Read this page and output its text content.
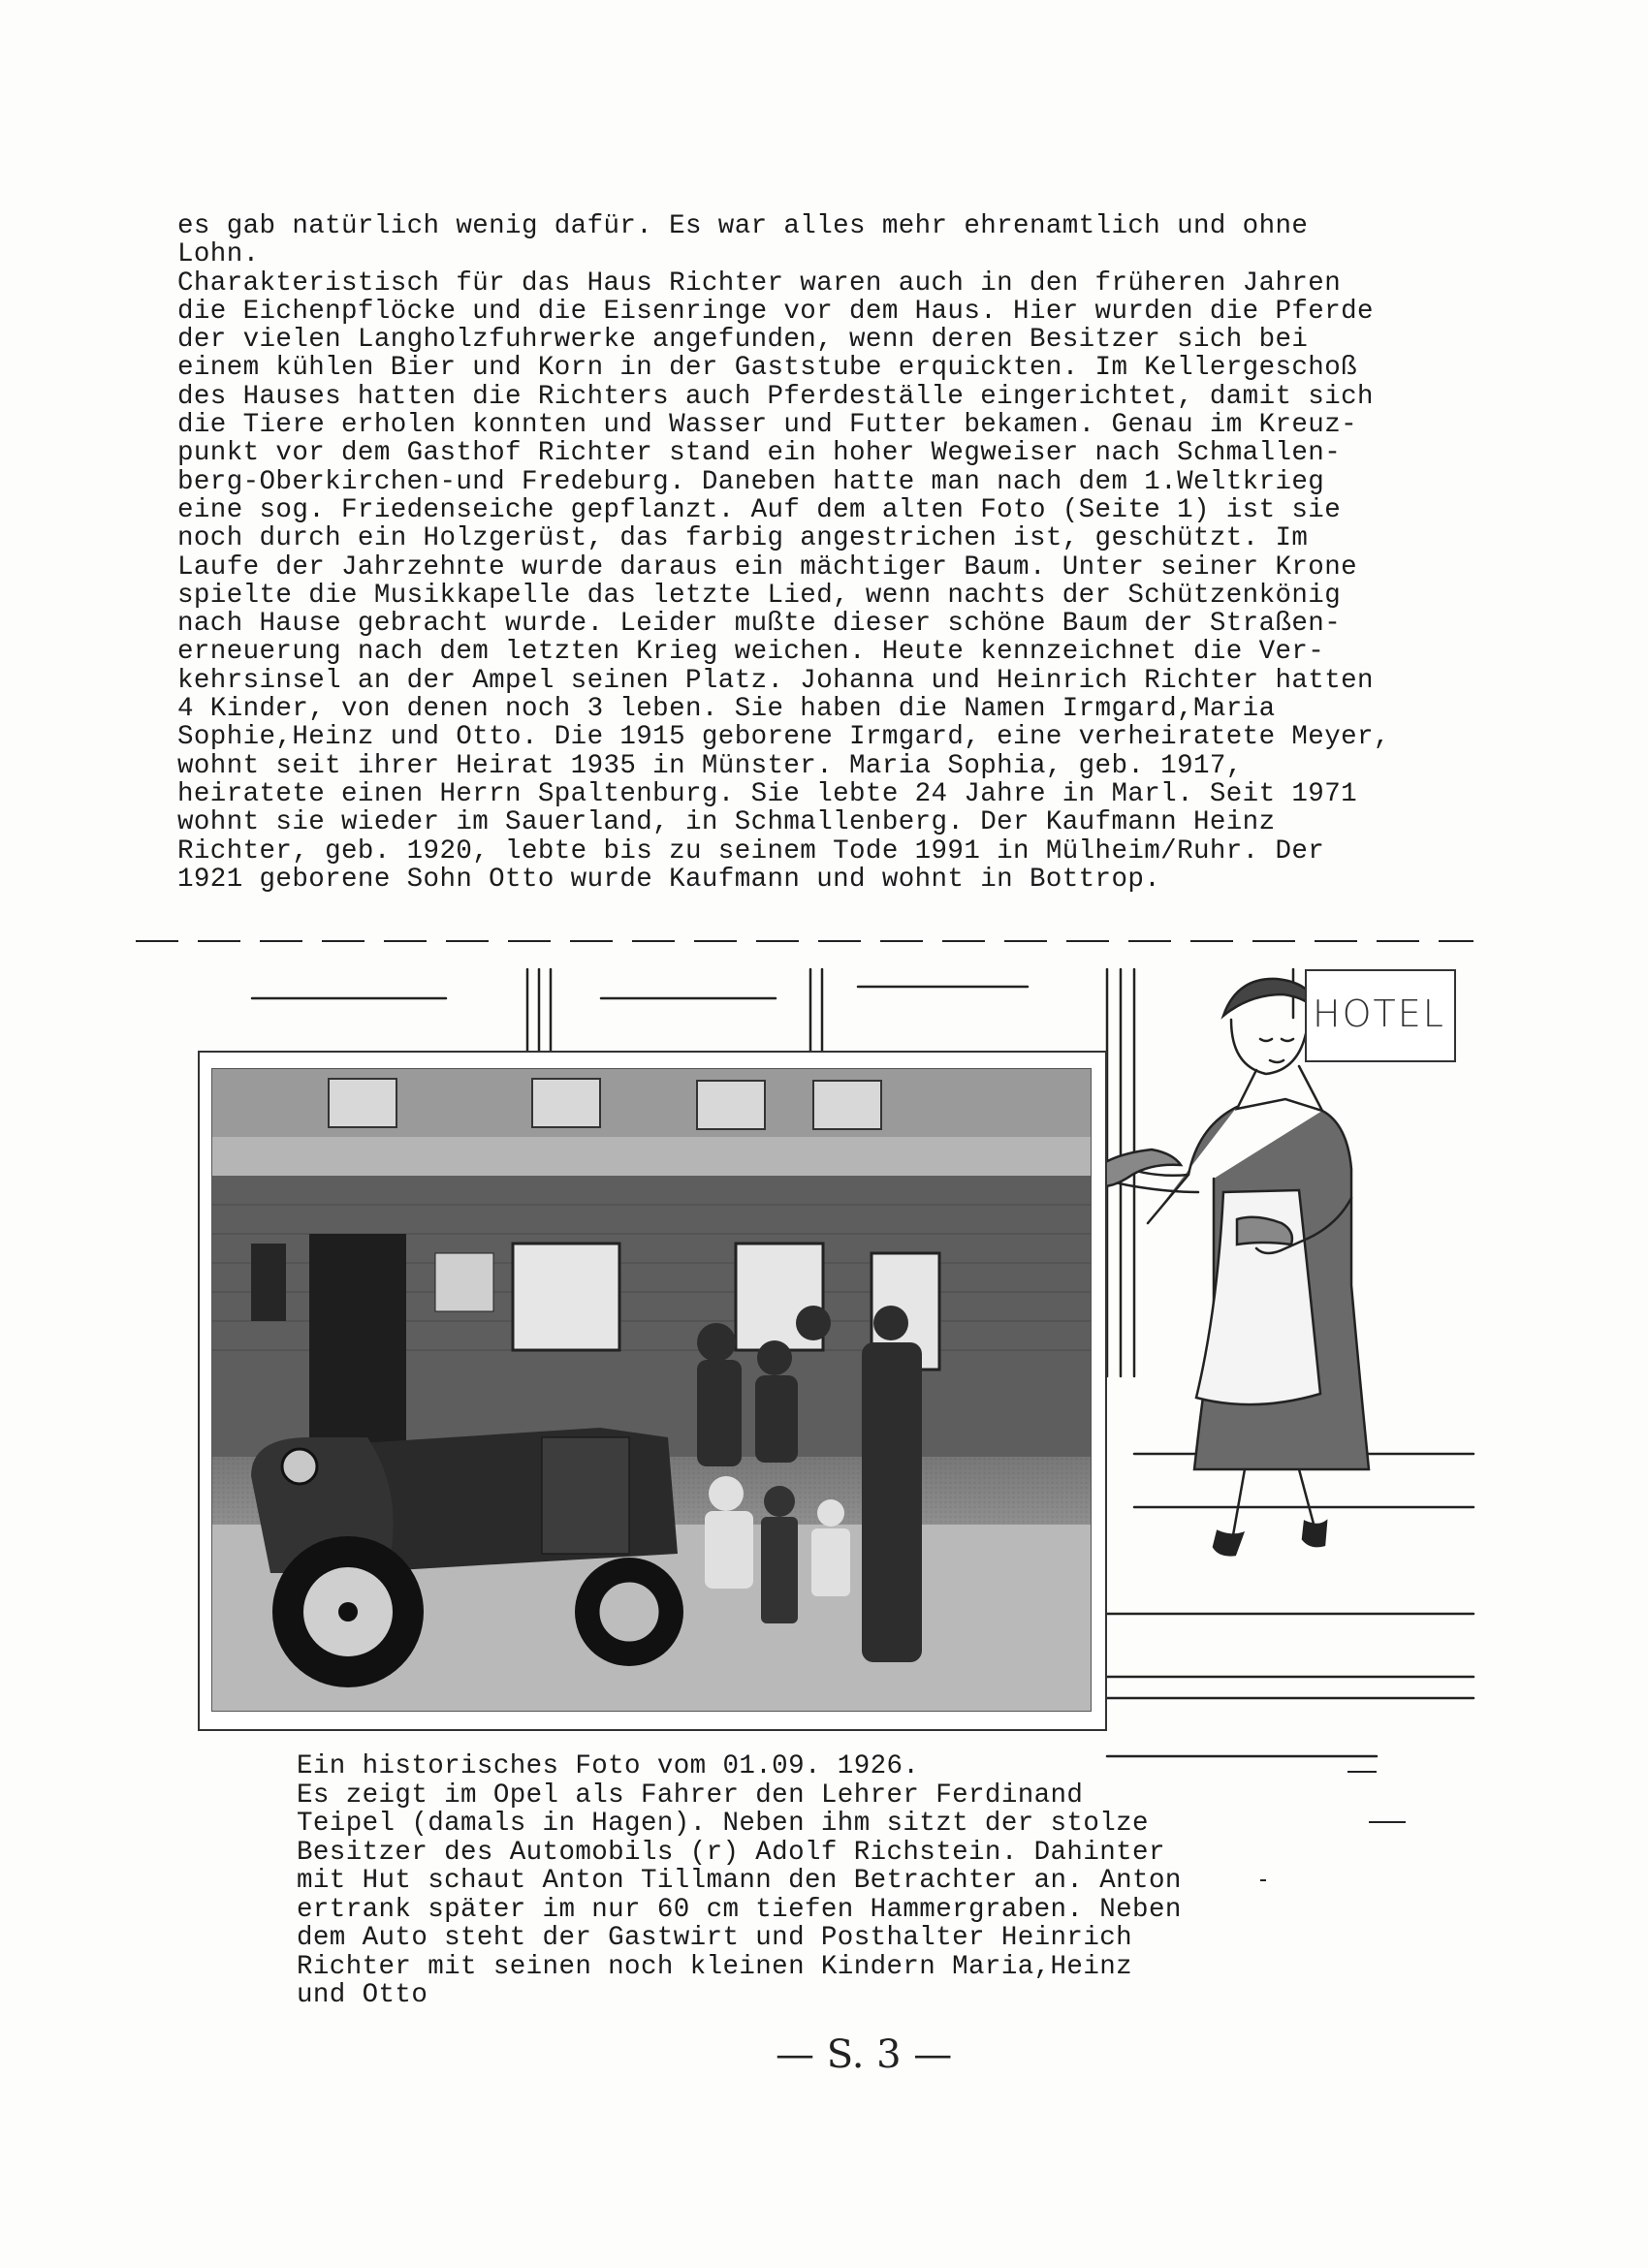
es gab natürlich wenig dafür. Es war alles mehr ehrenamtlich und ohne
Lohn.
Charakteristisch für das Haus Richter waren auch in den früheren Jahren
die Eichenpflöcke und die Eisenringe vor dem Haus. Hier wurden die Pferde
der vielen Langholzfuhrwerke angefunden, wenn deren Besitzer sich bei
einem kühlen Bier und Korn in der Gaststube erquickten. Im Kellergeschoß
des Hauses hatten die Richters auch Pferdeställe eingerichtet, damit sich
die Tiere erholen konnten und Wasser und Futter bekamen. Genau im Kreuz-
punkt vor dem Gasthof Richter stand ein hoher Wegweiser nach Schmallen-
berg-Oberkirchen-und Fredeburg. Daneben hatte man nach dem 1.Weltkrieg
eine sog. Friedenseiche gepflanzt. Auf dem alten Foto (Seite 1) ist sie
noch durch ein Holzgerüst, das farbig angestrichen ist, geschützt. Im
Laufe der Jahrzehnte wurde daraus ein mächtiger Baum. Unter seiner Krone
spielte die Musikkapelle das letzte Lied, wenn nachts der Schützenkönig
nach Hause gebracht wurde. Leider mußte dieser schöne Baum der Straßen-
erneuerung nach dem letzten Krieg weichen. Heute kennzeichnet die Ver-
kehrsinsel an der Ampel seinen Platz. Johanna und Heinrich Richter hatten
4 Kinder, von denen noch 3 leben. Sie haben die Namen Irmgard,Maria
Sophie,Heinz und Otto. Die 1915 geborene Irmgard, eine verheiratete Meyer,
wohnt seit ihrer Heirat 1935 in Münster. Maria Sophia, geb. 1917,
heiratete einen Herrn Spaltenburg. Sie lebte 24 Jahre in Marl. Seit 1971
wohnt sie wieder im Sauerland, in Schmallenberg. Der Kaufmann Heinz
Richter, geb. 1920, lebte bis zu seinem Tode 1991 in Mülheim/Ruhr. Der
1921 geborene Sohn Otto wurde Kaufmann und wohnt in Bottrop.
HOTEL
Ein historisches Foto vom 01.09. 1926.
Es zeigt im Opel als Fahrer den Lehrer Ferdinand
Teipel (damals in Hagen). Neben ihm sitzt der stolze
Besitzer des Automobils (r) Adolf Richstein. Dahinter
mit Hut schaut Anton Tillmann den Betrachter an. Anton
ertrank später im nur 60 cm tiefen Hammergraben. Neben
dem Auto steht der Gastwirt und Posthalter Heinrich
Richter mit seinen noch kleinen Kindern Maria,Heinz
und Otto
— S. 3 —
